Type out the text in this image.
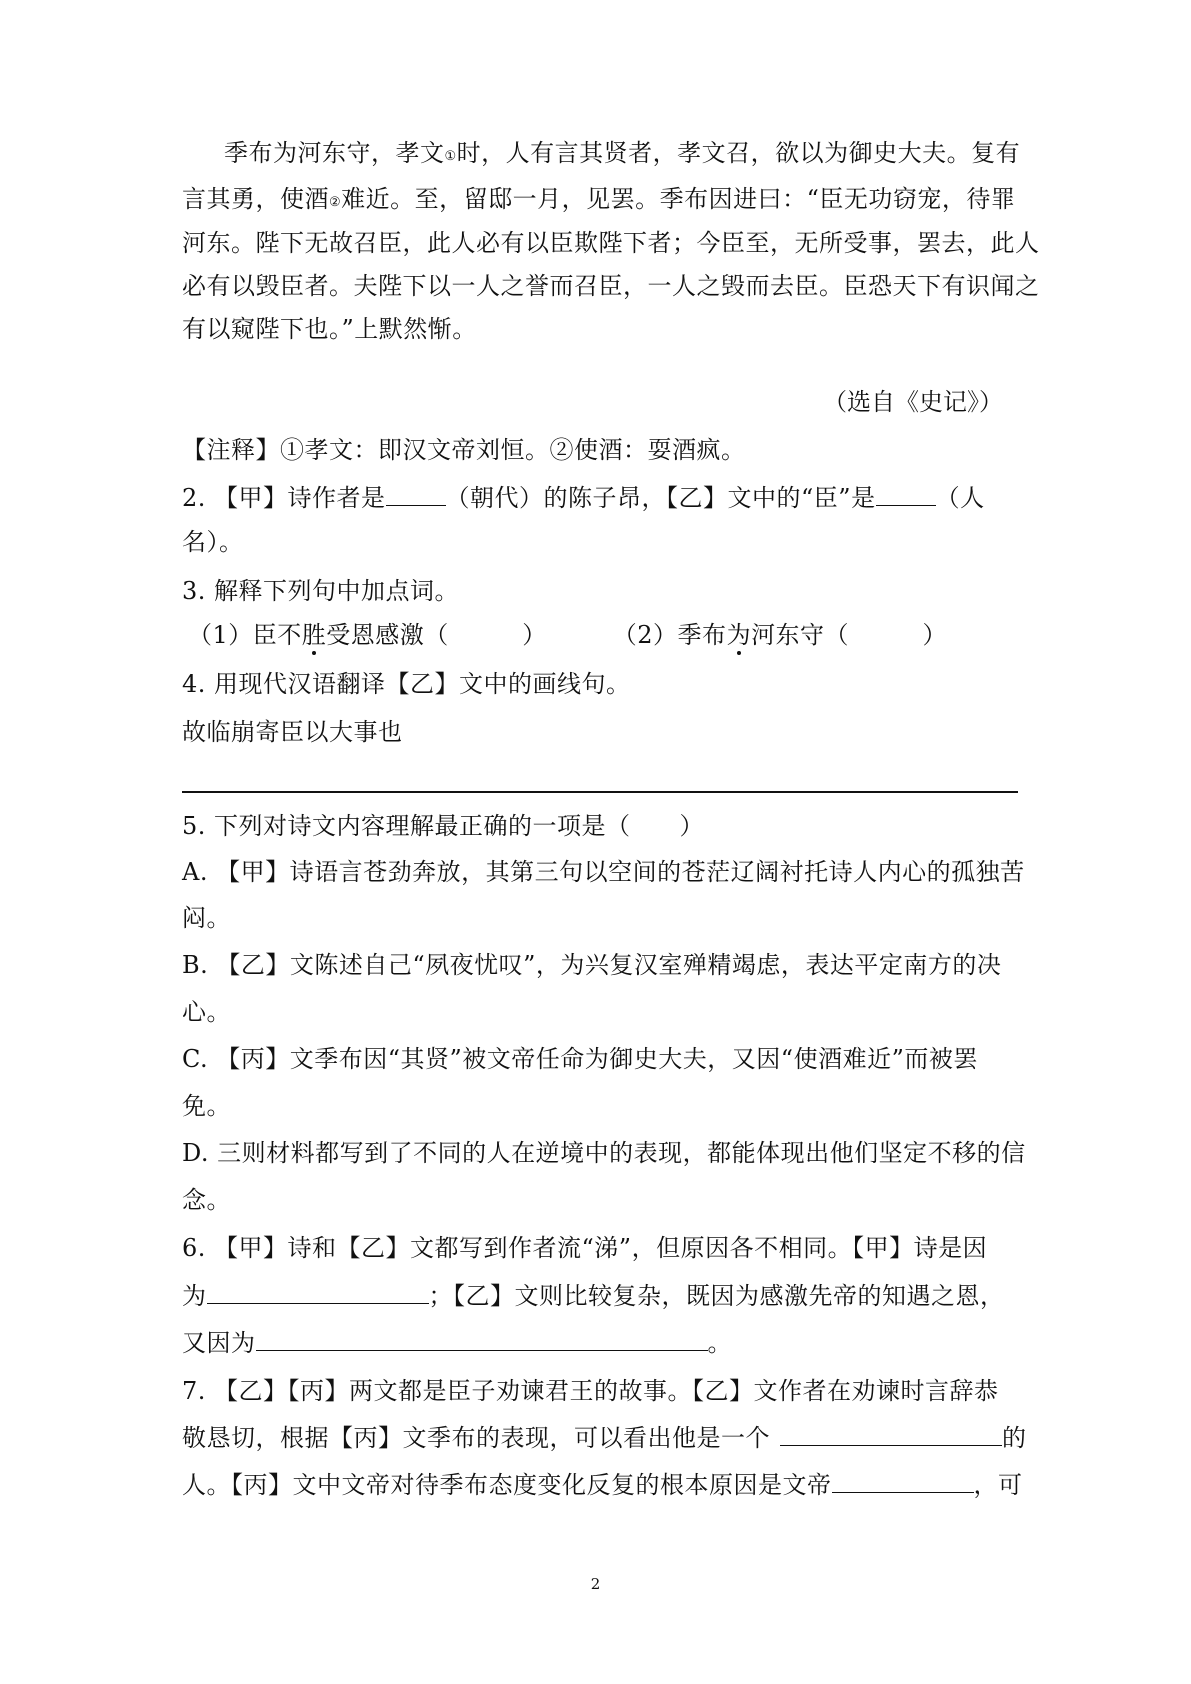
季布为河东守，孝文①时，人有言其贤者，孝文召，欲以为御史大夫。复有
言其勇，使酒②难近。至，留邸一月，见罢。季布因进曰：“臣无功窃宠，待罪
河东。陛下无故召臣，此人必有以臣欺陛下者；今臣至，无所受事，罢去，此人
必有以毁臣者。夫陛下以一人之誉而召臣，一人之毁而去臣。臣恐天下有识闻之
有以窥陛下也。”上默然惭。
（选自《史记》）
【注释】①孝文：即汉文帝刘恒。②使酒：耍酒疯。
2. 【甲】诗作者是	（朝代）的陈子昂，【乙】文中的“臣”是	（人
名）。
3. 解释下列句中加点词。
（1）臣不胜受恩感激（　　　）	（2）季布为河东守（　　　）
4. 用现代汉语翻译【乙】文中的画线句。
故临崩寄臣以大事也
5. 下列对诗文内容理解最正确的一项是（　　）
A. 【甲】诗语言苍劲奔放，其第三句以空间的苍茫辽阔衬托诗人内心的孤独苦
闷。
B. 【乙】文陈述自己“夙夜忧叹”，为兴复汉室殚精竭虑，表达平定南方的决
心。
C. 【丙】文季布因“其贤”被文帝任命为御史大夫，又因“使酒难近”而被罢
免。
D. 三则材料都写到了不同的人在逆境中的表现，都能体现出他们坚定不移的信
念。
6. 【甲】诗和【乙】文都写到作者流“涕”，但原因各不相同。【甲】诗是因
为	；【乙】文则比较复杂，既因为感激先帝的知遇之恩，
又因为	。
7. 【乙】【丙】两文都是臣子劝谏君王的故事。【乙】文作者在劝谏时言辞恭
敬恳切，根据【丙】文季布的表现，可以看出他是一个	的
人。【丙】文中文帝对待季布态度变化反复的根本原因是文帝	，可
2
